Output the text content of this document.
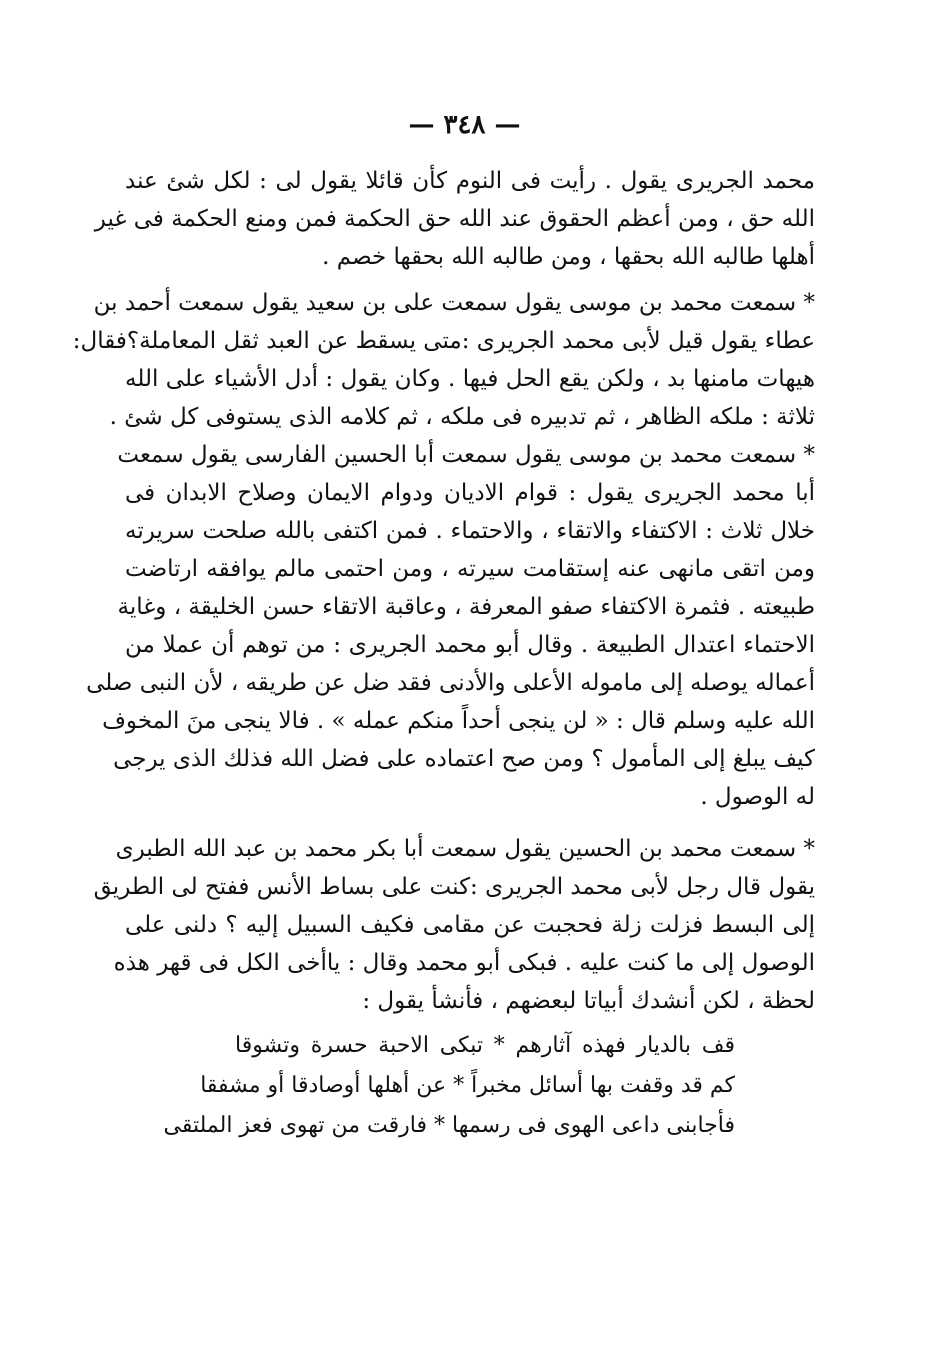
— ٣٤٨ —
محمد الجريرى يقول . رأيت فى النوم كأن قائلا يقول لى : لكل شئ عند
الله حق ، ومن أعظم الحقوق عند الله حق الحكمة فمن ومنع الحكمة فى غير
أهلها طالبه الله بحقها ، ومن طالبه الله بحقها خصم .
* سمعت محمد بن موسى يقول سمعت على بن سعيد يقول سمعت أحمد بن
عطاء يقول قيل لأبى محمد الجريرى :متى يسقط عن العبد ثقل المعاملة؟فقال:
هيهات مامنها بد ، ولكن يقع الحل فيها . وكان يقول : أدل الأشياء على الله
ثلاثة : ملكه الظاهر ، ثم تدبيره فى ملكه ، ثم كلامه الذى يستوفى كل شئ .
* سمعت محمد بن موسى يقول سمعت أبا الحسين الفارسى يقول سمعت
أبا محمد الجريرى يقول : قوام الاديان ودوام الايمان وصلاح الابدان فى
خلال ثلاث : الاكتفاء والاتقاء ، والاحتماء . فمن اكتفى بالله صلحت سريرته
ومن اتقى مانهى عنه إستقامت سيرته ، ومن احتمى مالم يوافقه ارتاضت
طبيعته . فثمرة الاكتفاء صفو المعرفة ، وعاقبة الاتقاء حسن الخليقة ، وغاية
الاحتماء اعتدال الطبيعة . وقال أبو محمد الجريرى : من توهم أن عملا من
أعماله يوصله إلى ماموله الأعلى والأدنى فقد ضل عن طريقه ، لأن النبى صلى
الله عليه وسلم قال : « لن ينجى أحداً منكم عمله » . فالا ينجى منَ المخوف
كيف يبلغ إلى المأمول ؟ ومن صح اعتماده على فضل الله فذلك الذى يرجى
له الوصول .
* سمعت محمد بن الحسين يقول سمعت أبا بكر محمد بن عبد الله الطبرى
يقول قال رجل لأبى محمد الجريرى :كنت على بساط الأنس ففتح لى الطريق
إلى البسط فزلت زلة فحجبت عن مقامى فكيف السبيل إليه ؟ دلنى على
الوصول إلى ما كنت عليه . فبكى أبو محمد وقال : ياأخى الكل فى قهر هذه
لحظة ، لكن أنشدك أبياتا لبعضهم ، فأنشأ يقول :
قف بالديار فهذه آثارهم * تبكى الاحبة حسرة وتشوقا
كم قد وقفت بها أسائل مخبراً * عن أهلها أوصادقا أو مشفقا
فأجابنى داعى الهوى فى رسمها * فارقت من تهوى فعز الملتقى
